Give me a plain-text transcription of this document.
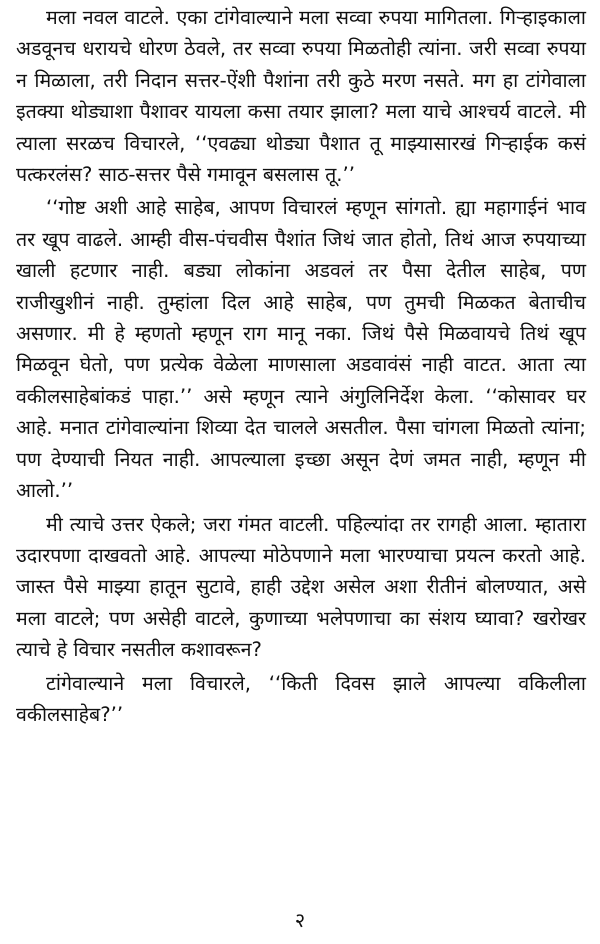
मला नवल वाटले. एका टांगेवाल्याने मला सव्वा रुपया मागितला. गिऱ्हाइकाला अडवूनच धरायचे धोरण ठेवले, तर सव्वा रुपया मिळतोही त्यांना. जरी सव्वा रुपया न मिळाला, तरी निदान सत्तर-ऐंशी पैशांना तरी कुठे मरण नसते. मग हा टांगेवाला इतक्या थोड्याशा पैशावर यायला कसा तयार झाला? मला याचे आश्चर्य वाटले. मी त्याला सरळच विचारले, ‘‘एवढ्या थोड्या पैशात तू माझ्यासारखं गिऱ्हाईक कसं पत्करलंस? साठ-सत्तर पैसे गमावून बसलास तू.’’

‘‘गोष्ट अशी आहे साहेब, आपण विचारलं म्हणून सांगतो. ह्या महागाईनं भाव तर खूप वाढले. आम्ही वीस-पंचवीस पैशांत जिथं जात होतो, तिथं आज रुपयाच्या खाली हटणार नाही. बड्या लोकांना अडवलं तर पैसा देतील साहेब, पण राजीखुशीनं नाही. तुम्हांला दिल आहे साहेब, पण तुमची मिळकत बेताचीच असणार. मी हे म्हणतो म्हणून राग मानू नका. जिथं पैसे मिळवायचे तिथं खूप मिळवून घेतो, पण प्रत्येक वेळेला माणसाला अडवावंसं नाही वाटत. आता त्या वकीलसाहेबांकडं पाहा.’’ असे म्हणून त्याने अंगुलिनिर्देश केला. ‘‘कोसावर घर आहे. मनात टांगेवाल्यांना शिव्या देत चालले असतील. पैसा चांगला मिळतो त्यांना; पण देण्याची नियत नाही. आपल्याला इच्छा असून देणं जमत नाही, म्हणून मी आलो.’’

मी त्याचे उत्तर ऐकले; जरा गंमत वाटली. पहिल्यांदा तर रागही आला. म्हातारा उदारपणा दाखवतो आहे. आपल्या मोठेपणाने मला भारण्याचा प्रयत्न करतो आहे. जास्त पैसे माझ्या हातून सुटावे, हाही उद्देश असेल अशा रीतीनं बोलण्यात, असे मला वाटले; पण असेही वाटले, कुणाच्या भलेपणाचा का संशय घ्यावा? खरोखर त्याचे हे विचार नसतील कशावरून?

टांगेवाल्याने मला विचारले, ‘‘किती दिवस झाले आपल्या वकिलीला वकीलसाहेब?’’

२
